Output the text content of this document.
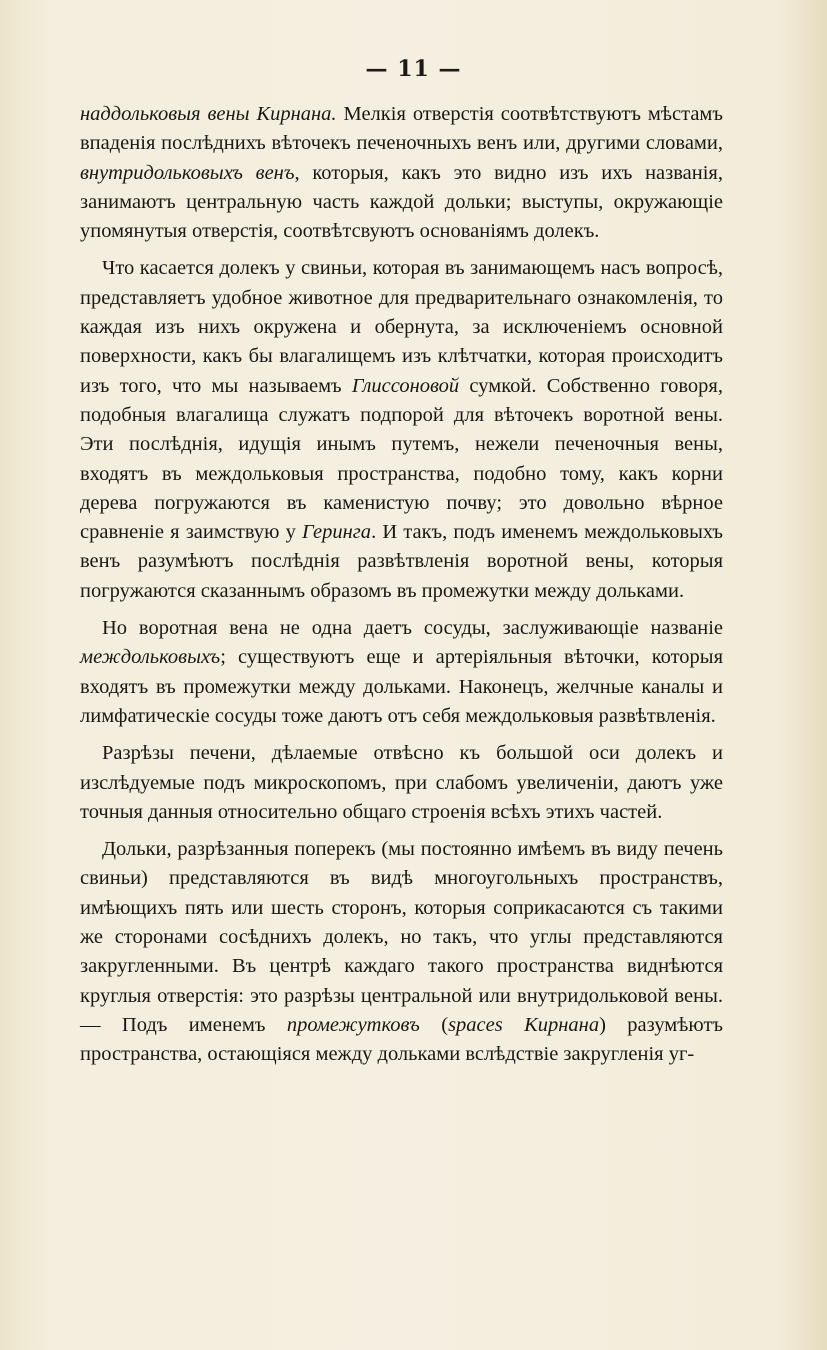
— 11 —

наддольковыя вены Кирнана. Мелкія отверстія соотвѣтствуютъ мѣстамъ впаденія послѣднихъ вѣточекъ печеночныхъ венъ или, другими словами, внутридольковыхъ венъ, которыя, какъ это видно изъ ихъ названія, занимаютъ центральную часть каждой дольки; выступы, окружающіе упомянутыя отверстія, соотвѣтсвуютъ основаніямъ долекъ.

Что касается долекъ у свиньи, которая въ занимающемъ насъ вопросѣ, представляетъ удобное животное для предварительнаго ознакомленія, то каждая изъ нихъ окружена и обернута, за исключеніемъ основной поверхности, какъ бы влагалищемъ изъ клѣтчатки, которая происходитъ изъ того, что мы называемъ Глиссоновой сумкой. Собственно говоря, подобныя влагалища служатъ подпорой для вѣточекъ воротной вены. Эти послѣднія, идущія инымъ путемъ, нежели печеночныя вены, входятъ въ междольковыя пространства, подобно тому, какъ корни дерева погружаются въ каменистую почву; это довольно вѣрное сравненіе я заимствую у Геринга. И такъ, подъ именемъ междольковыхъ венъ разумѣютъ послѣднія развѣтвленія воротной вены, которыя погружаются сказаннымъ образомъ въ промежутки между дольками.

Но воротная вена не одна даетъ сосуды, заслуживающіе названіе междольковыхъ; существуютъ еще и артеріяльныя вѣточки, которыя входятъ въ промежутки между дольками. Наконецъ, желчные каналы и лимфатическіе сосуды тоже даютъ отъ себя междольковыя развѣтвленія.

Разрѣзы печени, дѣлаемые отвѣсно къ большой оси долекъ и изслѣдуемые подъ микроскопомъ, при слабомъ увеличеніи, даютъ уже точныя данныя относительно общаго строенія всѣхъ этихъ частей.

Дольки, разрѣзанныя поперекъ (мы постоянно имѣемъ въ виду печень свиньи) представляются въ видѣ многоугольныхъ пространствъ, имѣющихъ пять или шесть сторонъ, которыя соприкасаются съ такими же сторонами сосѣднихъ долекъ, но такъ, что углы представляются закругленными. Въ центрѣ каждаго такого пространства виднѣются круглыя отверстія: это разрѣзы центральной или внутридольковой вены. — Подъ именемъ промежутковъ (spaces Кирнана) разумѣютъ пространства, остающіяся между дольками вслѣдствіе закругленія уг-
